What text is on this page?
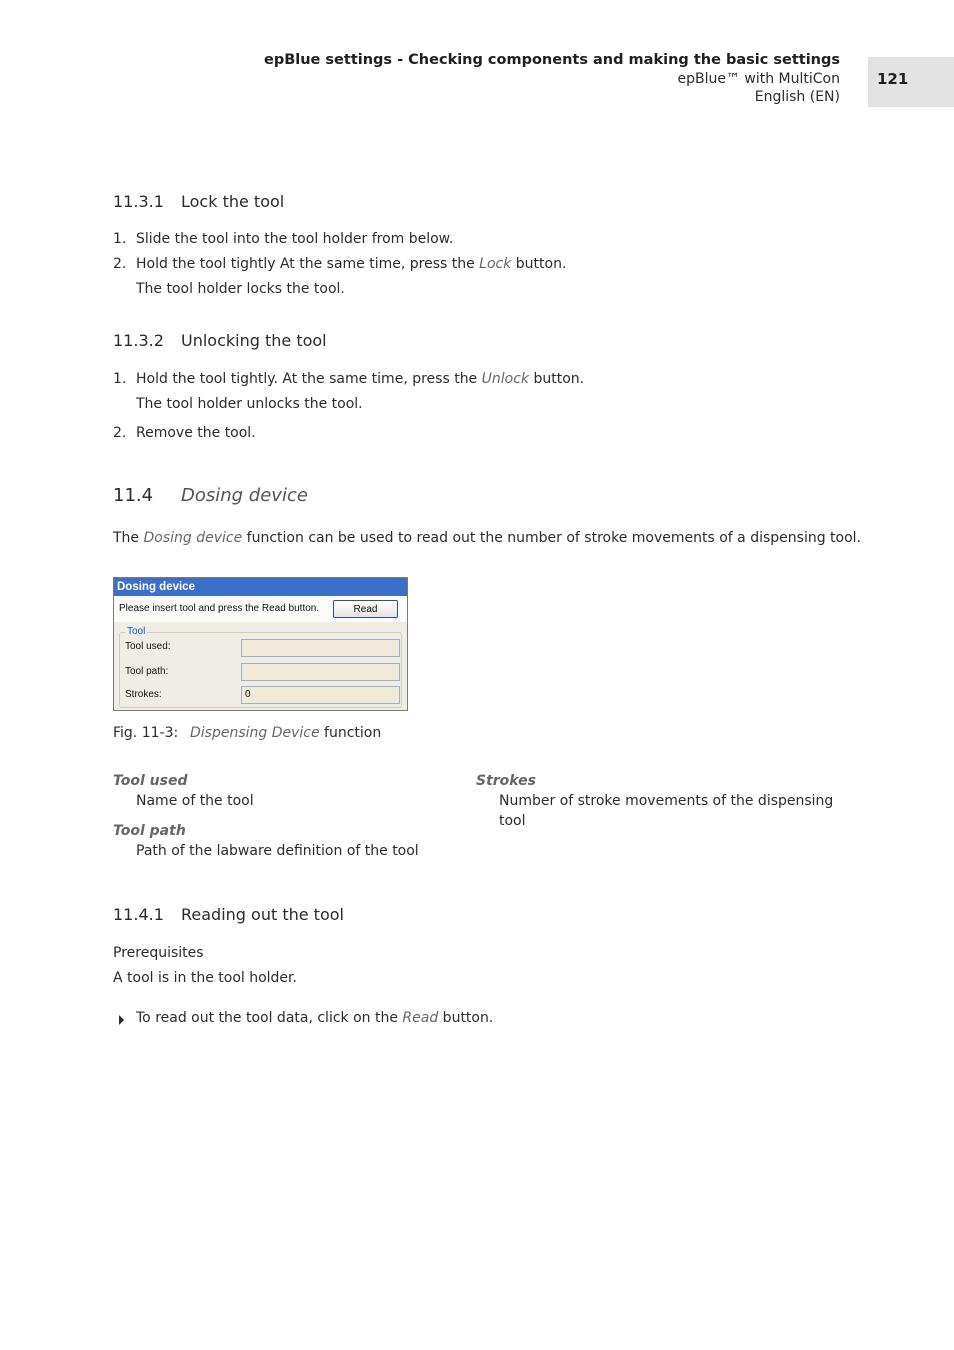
epBlue settings - Checking components and making the basic settings
epBlue™ with MultiCon
English (EN)
121
11.3.1 Lock the tool
1. Slide the tool into the tool holder from below.
2. Hold the tool tightly At the same time, press the Lock button.
The tool holder locks the tool.
11.3.2 Unlocking the tool
1. Hold the tool tightly. At the same time, press the Unlock button.
The tool holder unlocks the tool.
2. Remove the tool.
11.4 Dosing device
The Dosing device function can be used to read out the number of stroke movements of a dispensing tool.
Dosing device
Please insert tool and press the Read button.	Read
Tool
Tool used:
Tool path:
Strokes:	0
Fig. 11-3: Dispensing Device function
Tool used
Name of the tool
Tool path
Path of the labware definition of the tool
Strokes
Number of stroke movements of the dispensing
tool
11.4.1 Reading out the tool
Prerequisites
A tool is in the tool holder.
To read out the tool data, click on the Read button.
